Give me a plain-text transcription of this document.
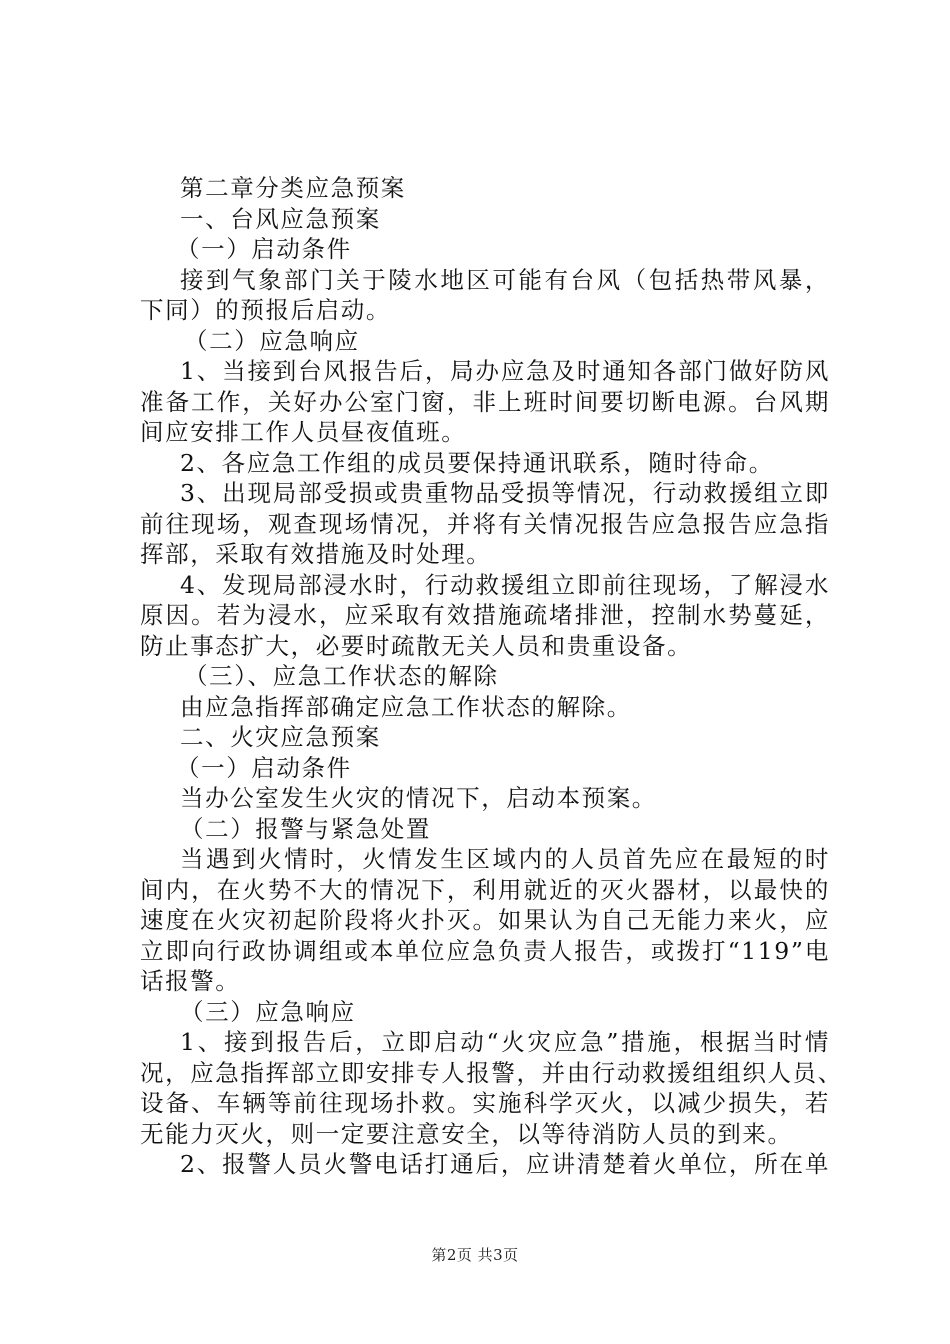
第二章分类应急预案
一、台风应急预案
（一）启动条件
接到气象部门关于陵水地区可能有台风（包括热带风暴，
下同）的预报后启动。
（二）应急响应
1、当接到台风报告后，局办应急及时通知各部门做好防风
准备工作，关好办公室门窗，非上班时间要切断电源。台风期
间应安排工作人员昼夜值班。
2、各应急工作组的成员要保持通讯联系，随时待命。
3、出现局部受损或贵重物品受损等情况，行动救援组立即
前往现场，观查现场情况，并将有关情况报告应急报告应急指
挥部，采取有效措施及时处理。
4、发现局部浸水时，行动救援组立即前往现场，了解浸水
原因。若为浸水，应采取有效措施疏堵排泄，控制水势蔓延，
防止事态扩大，必要时疏散无关人员和贵重设备。
（三）、应急工作状态的解除
由应急指挥部确定应急工作状态的解除。
二、火灾应急预案
（一）启动条件
当办公室发生火灾的情况下，启动本预案。
（二）报警与紧急处置
当遇到火情时，火情发生区域内的人员首先应在最短的时
间内，在火势不大的情况下，利用就近的灭火器材，以最快的
速度在火灾初起阶段将火扑灭。如果认为自己无能力来火，应
立即向行政协调组或本单位应急负责人报告，或拨打“119”电
话报警。
（三）应急响应
1、接到报告后，立即启动“火灾应急”措施，根据当时情
况，应急指挥部立即安排专人报警，并由行动救援组组织人员、
设备、车辆等前往现场扑救。实施科学灭火，以减少损失，若
无能力灭火，则一定要注意安全，以等待消防人员的到来。
2、报警人员火警电话打通后，应讲清楚着火单位，所在单
第2页 共3页
